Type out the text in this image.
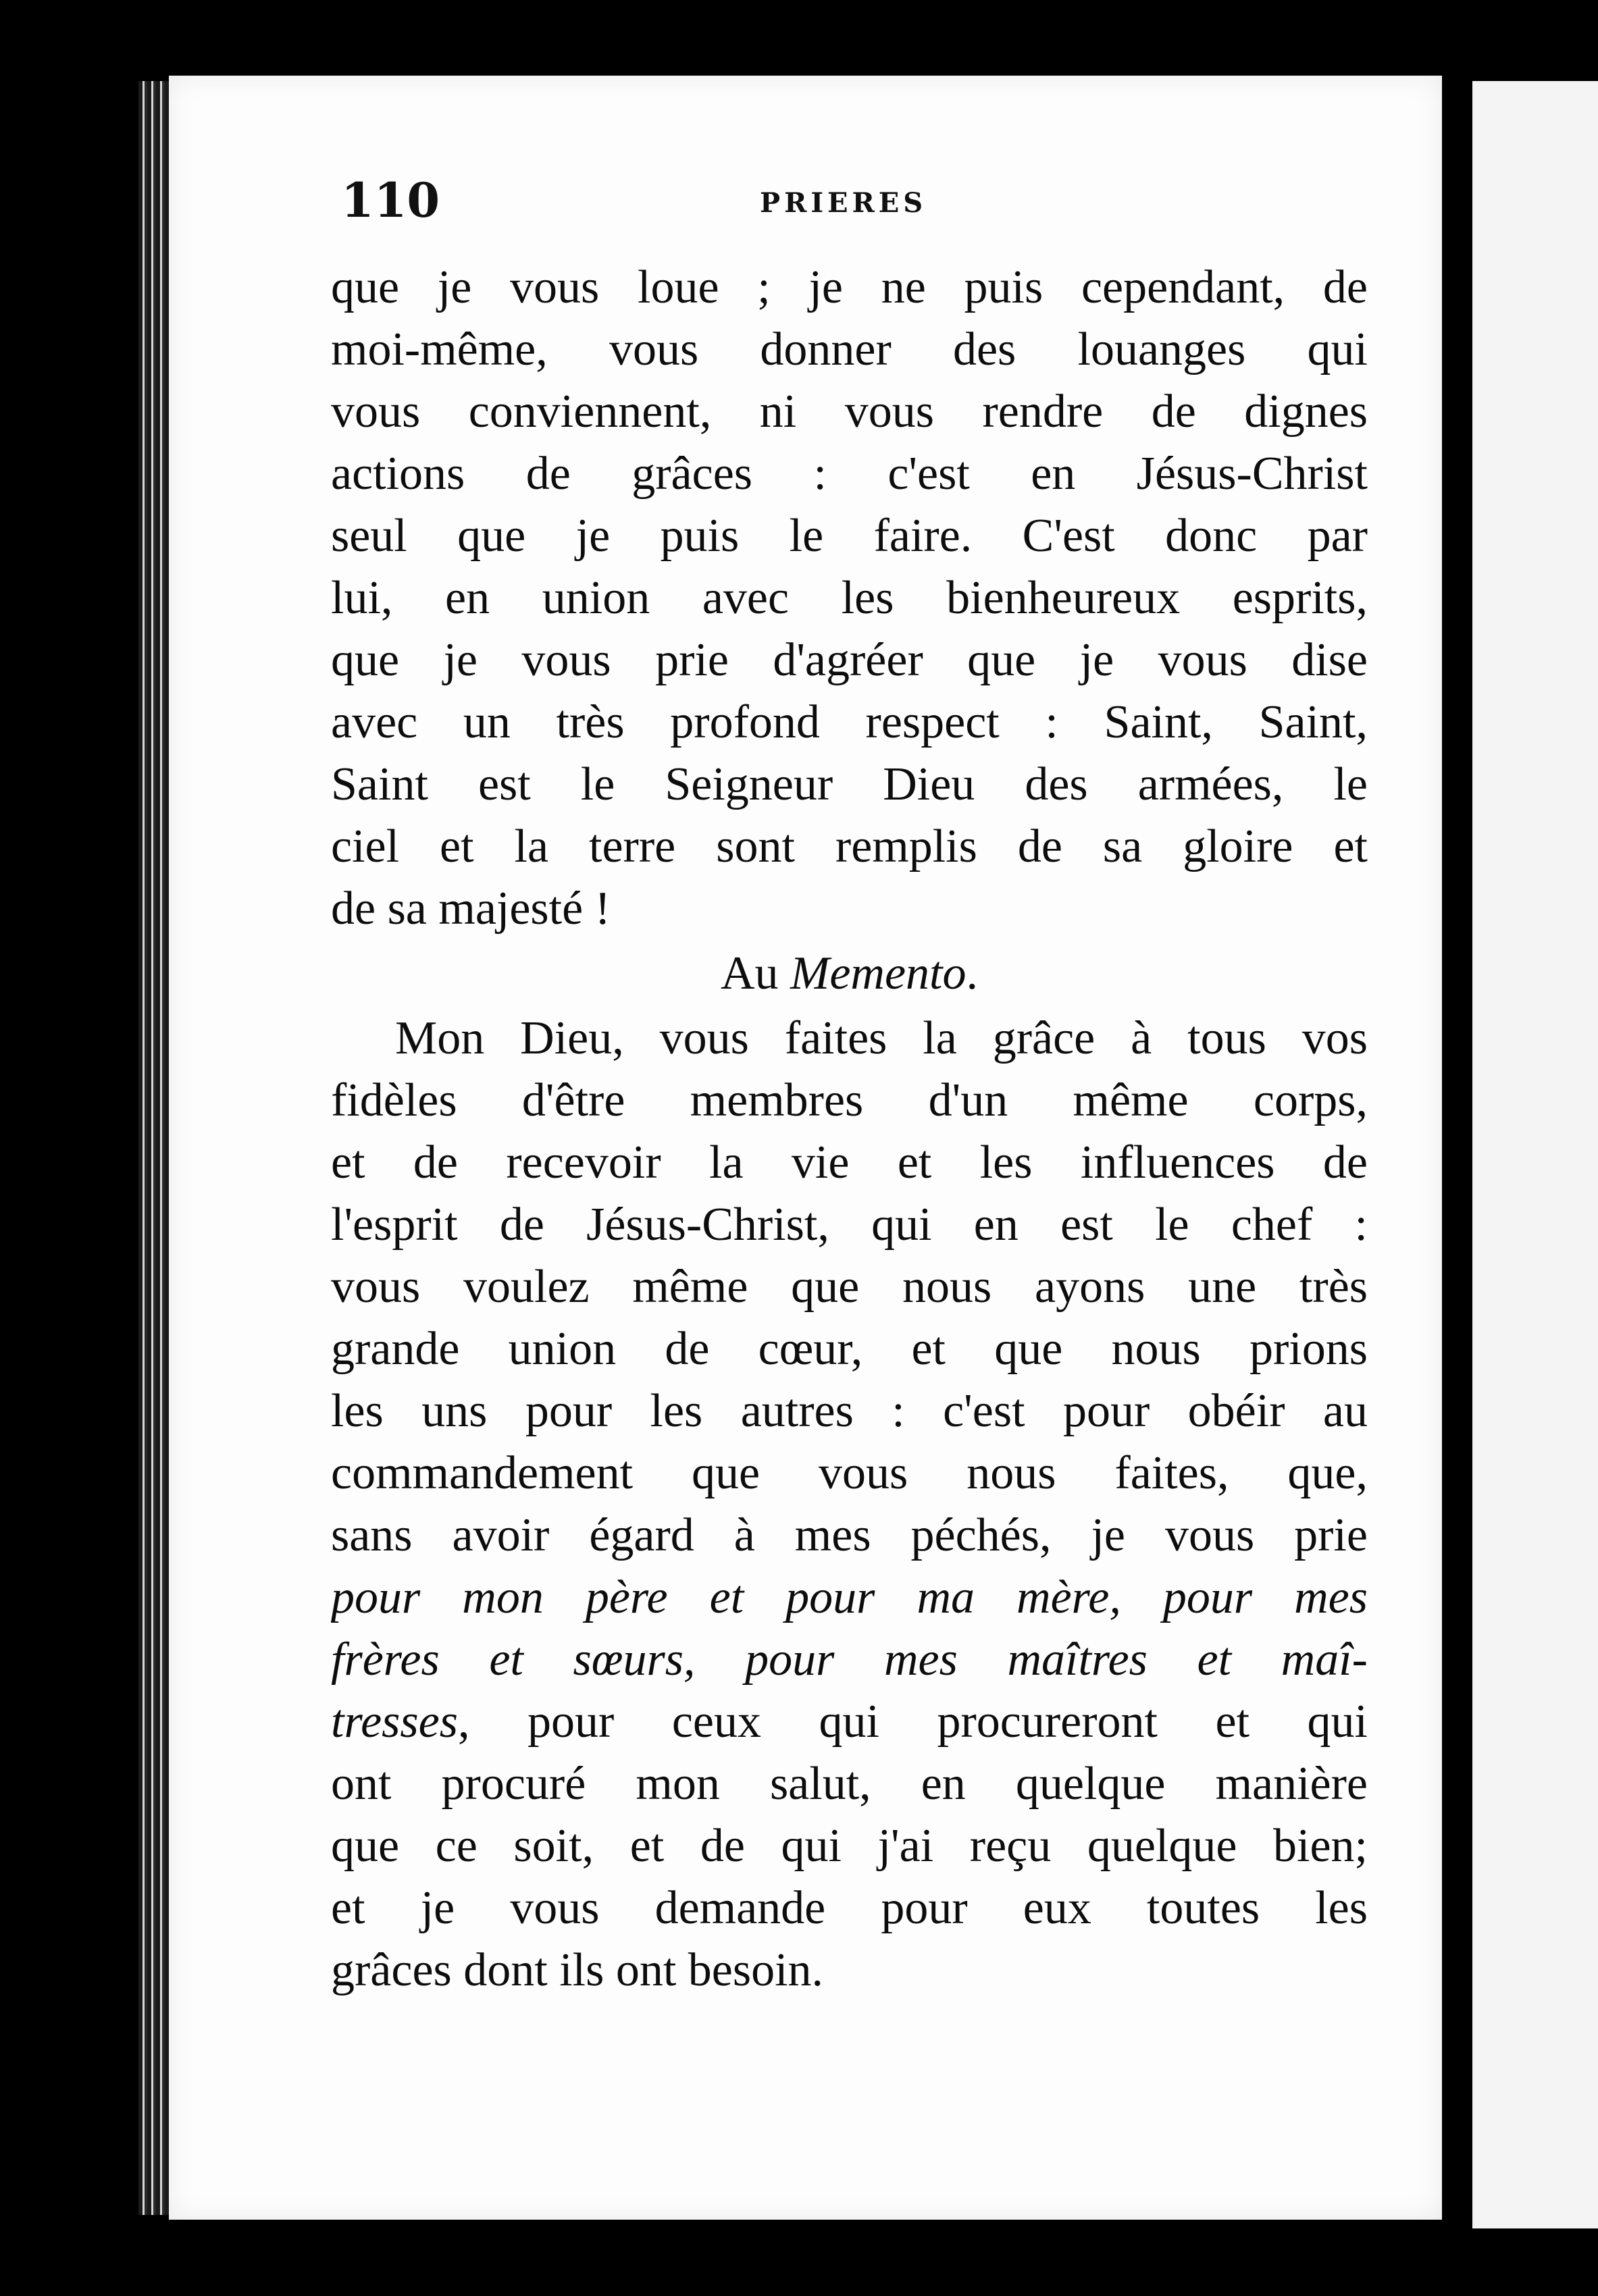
110	PRIERES
que je vous loue ; je ne puis cependant, de
moi-même, vous donner des louanges qui
vous conviennent, ni vous rendre de dignes
actions de grâces : c'est en Jésus-Christ
seul que je puis le faire. C'est donc par
lui, en union avec les bienheureux esprits,
que je vous prie d'agréer que je vous dise
avec un très profond respect : Saint, Saint,
Saint est le Seigneur Dieu des armées, le
ciel et la terre sont remplis de sa gloire et
de sa majesté !
Au Memento.
Mon Dieu, vous faites la grâce à tous vos
fidèles d'être membres d'un même corps,
et de recevoir la vie et les influences de
l'esprit de Jésus-Christ, qui en est le chef :
vous voulez même que nous ayons une très
grande union de cœur, et que nous prions
les uns pour les autres : c'est pour obéir au
commandement que vous nous faites, que,
sans avoir égard à mes péchés, je vous prie
pour mon père et pour ma mère, pour mes
frères et sœurs, pour mes maîtres et maî-
tresses, pour ceux qui procureront et qui
ont procuré mon salut, en quelque manière
que ce soit, et de qui j'ai reçu quelque bien;
et je vous demande pour eux toutes les
grâces dont ils ont besoin.
